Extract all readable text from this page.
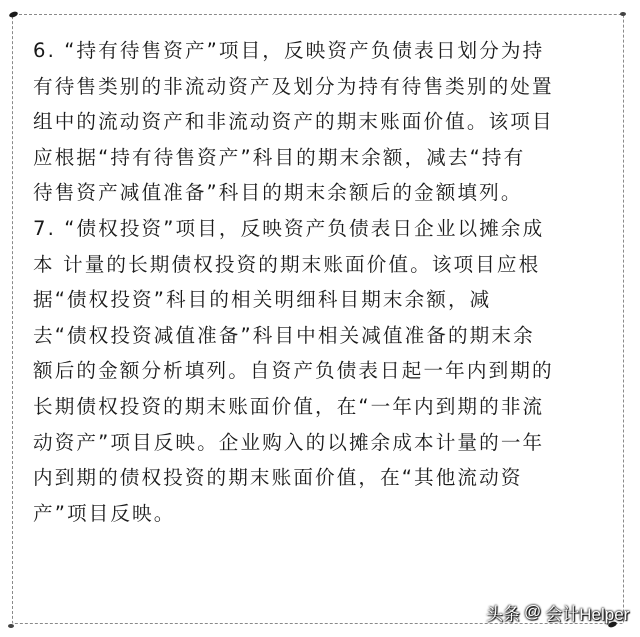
6. “持有待售资产”项目，反映资产负债表日划分为持
有待售类别的非流动资产及划分为持有待售类别的处置
组中的流动资产和非流动资产的期末账面价值。该项目
应根据“持有待售资产”科目的期末余额，减去“持有
待售资产减值准备”科目的期末余额后的金额填列。
7. “债权投资”项目，反映资产负债表日企业以摊余成
本 计量的长期债权投资的期末账面价值。该项目应根
据“债权投资”科目的相关明细科目期末余额，减
去“债权投资减值准备”科目中相关减值准备的期末余
额后的金额分析填列。自资产负债表日起一年内到期的
长期债权投资的期末账面价值，在“一年内到期的非流
动资产”项目反映。企业购入的以摊余成本计量的一年
内到期的债权投资的期末账面价值，在“其他流动资
产”项目反映。
头条 @ 会计Helper
